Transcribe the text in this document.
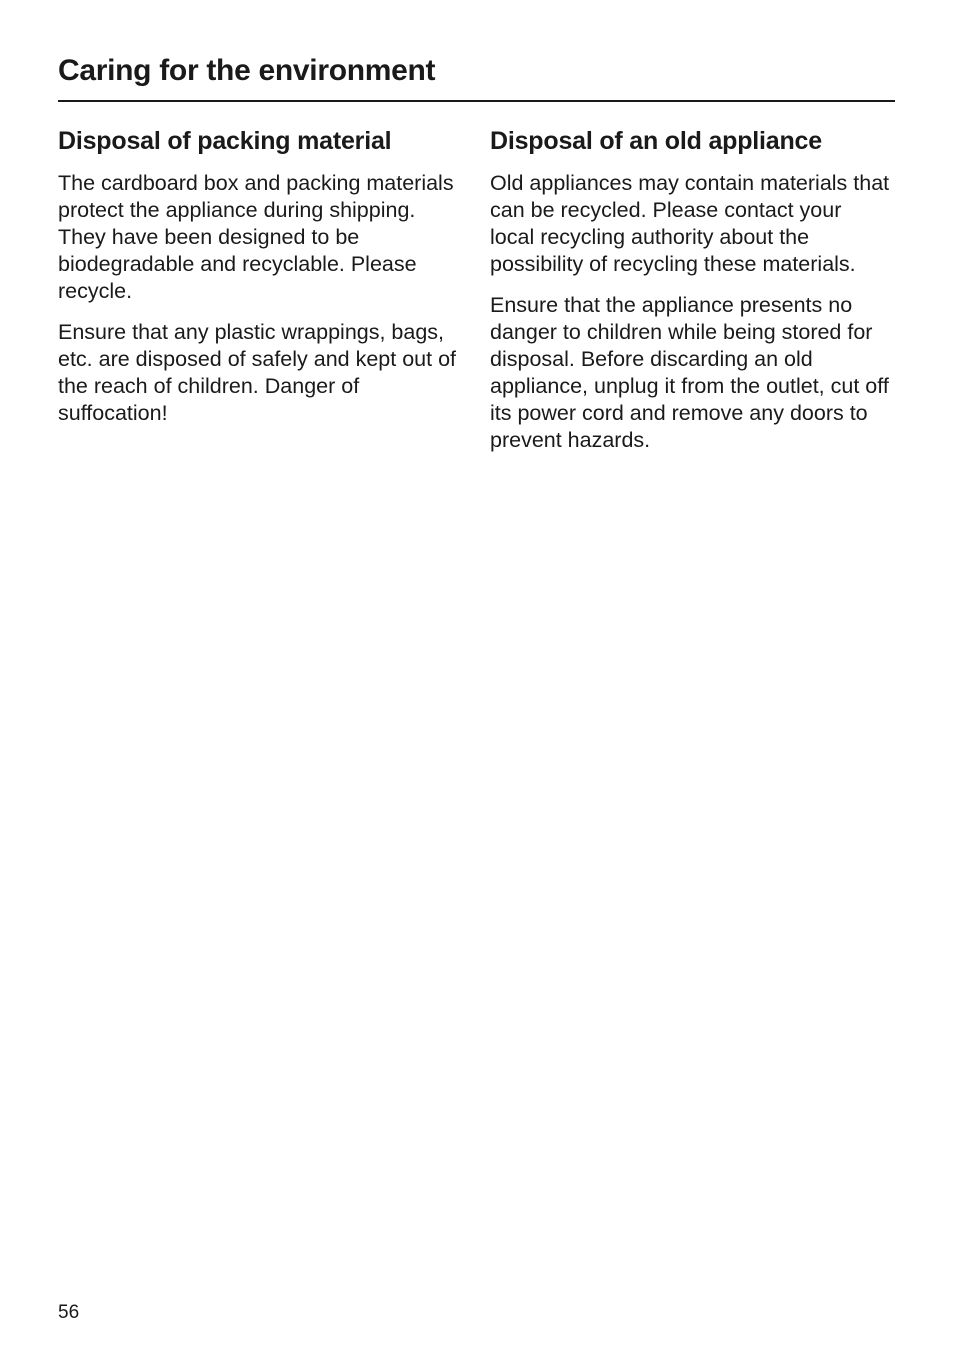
Caring for the environment
Disposal of packing material

The cardboard box and packing materials protect the appliance during shipping. They have been designed to be biodegradable and recyclable. Please recycle.

Ensure that any plastic wrappings, bags, etc. are disposed of safely and kept out of the reach of children. Danger of suffocation!

Disposal of an old appliance

Old appliances may contain materials that can be recycled. Please contact your local recycling authority about the possibility of recycling these materials.

Ensure that the appliance presents no danger to children while being stored for disposal. Before discarding an old appliance, unplug it from the outlet, cut off its power cord and remove any doors to prevent hazards.

56
